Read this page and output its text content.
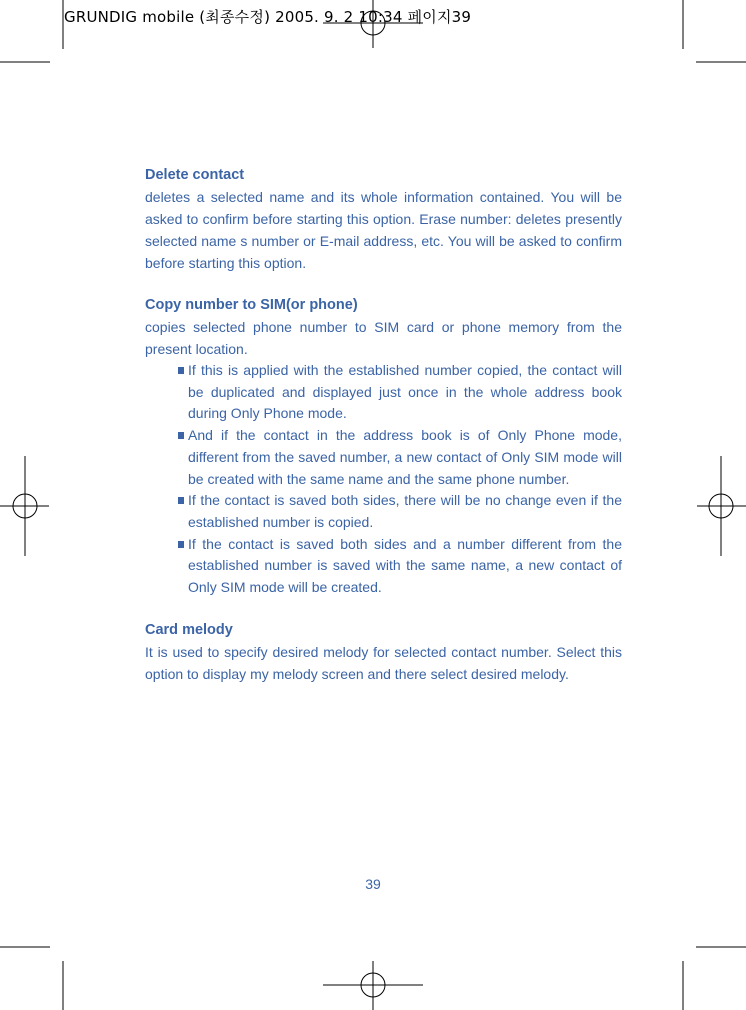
GRUNDIG mobile (최종수정) 2005. 9. 2 10:34 페이지39
Delete contact

deletes a selected name and its whole information contained. You will be asked to confirm before starting this option. Erase number: deletes presently selected name s number or E-mail address, etc. You will be asked to confirm before starting this option.

Copy number to SIM(or phone)

copies selected phone number to SIM card or phone memory from the present location.

If this is applied with the established number copied, the contact will be duplicated and displayed just once in the whole address book during Only Phone mode.
And if the contact in the address book is of Only Phone mode, different from the saved number, a new contact of Only SIM mode will be created with the same name and the same phone number.
If the contact is saved both sides, there will be no change even if the established number is copied.
If the contact is saved both sides and a number different from the established number is saved with the same name, a new contact of Only SIM mode will be created.
Card melody

It is used to specify desired melody for selected contact number. Select this option to display my melody screen and there select desired melody.

39
